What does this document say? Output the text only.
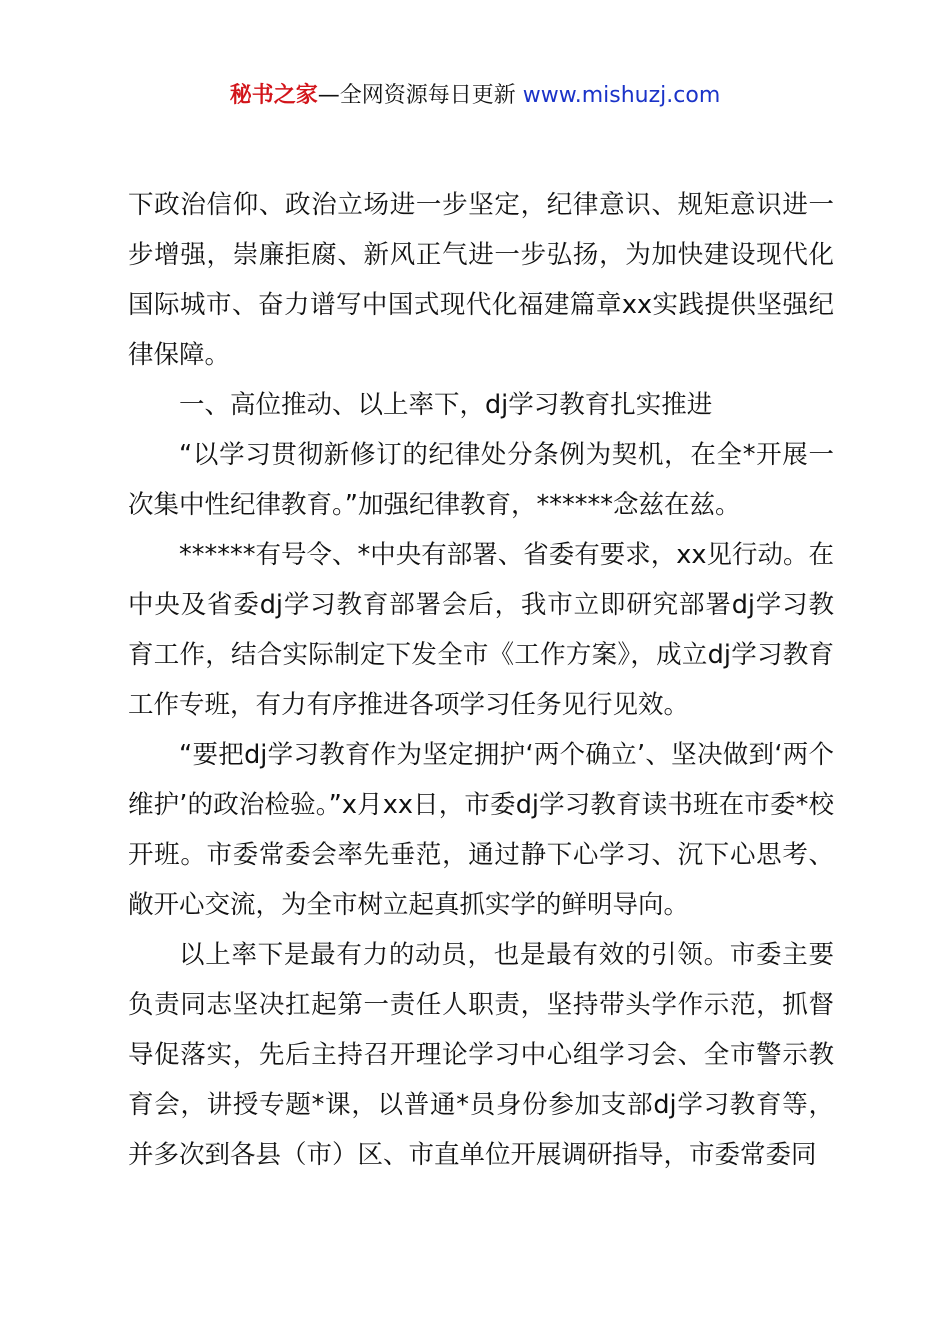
秘书之家—全网资源每日更新 www.mishuzj.com

下政治信仰、政治立场进一步坚定，纪律意识、规矩意识进一步增强，崇廉拒腐、新风正气进一步弘扬，为加快建设现代化国际城市、奋力谱写中国式现代化福建篇章xx实践提供坚强纪律保障。

一、高位推动、以上率下，dj学习教育扎实推进

“以学习贯彻新修订的纪律处分条例为契机，在全*开展一次集中性纪律教育。”加强纪律教育，******念兹在兹。

******有号令、*中央有部署、省委有要求，xx见行动。在中央及省委dj学习教育部署会后，我市立即研究部署dj学习教育工作，结合实际制定下发全市《工作方案》，成立dj学习教育工作专班，有力有序推进各项学习任务见行见效。

“要把dj学习教育作为坚定拥护‘两个确立’、坚决做到‘两个维护’的政治检验。”x月xx日，市委dj学习教育读书班在市委*校开班。市委常委会率先垂范，通过静下心学习、沉下心思考、敞开心交流，为全市树立起真抓实学的鲜明导向。

以上率下是最有力的动员，也是最有效的引领。市委主要负责同志坚决扛起第一责任人职责，坚持带头学作示范，抓督导促落实，先后主持召开理论学习中心组学习会、全市警示教育会，讲授专题*课，以普通*员身份参加支部dj学习教育等，并多次到各县（市）区、市直单位开展调研指导，市委常委同
